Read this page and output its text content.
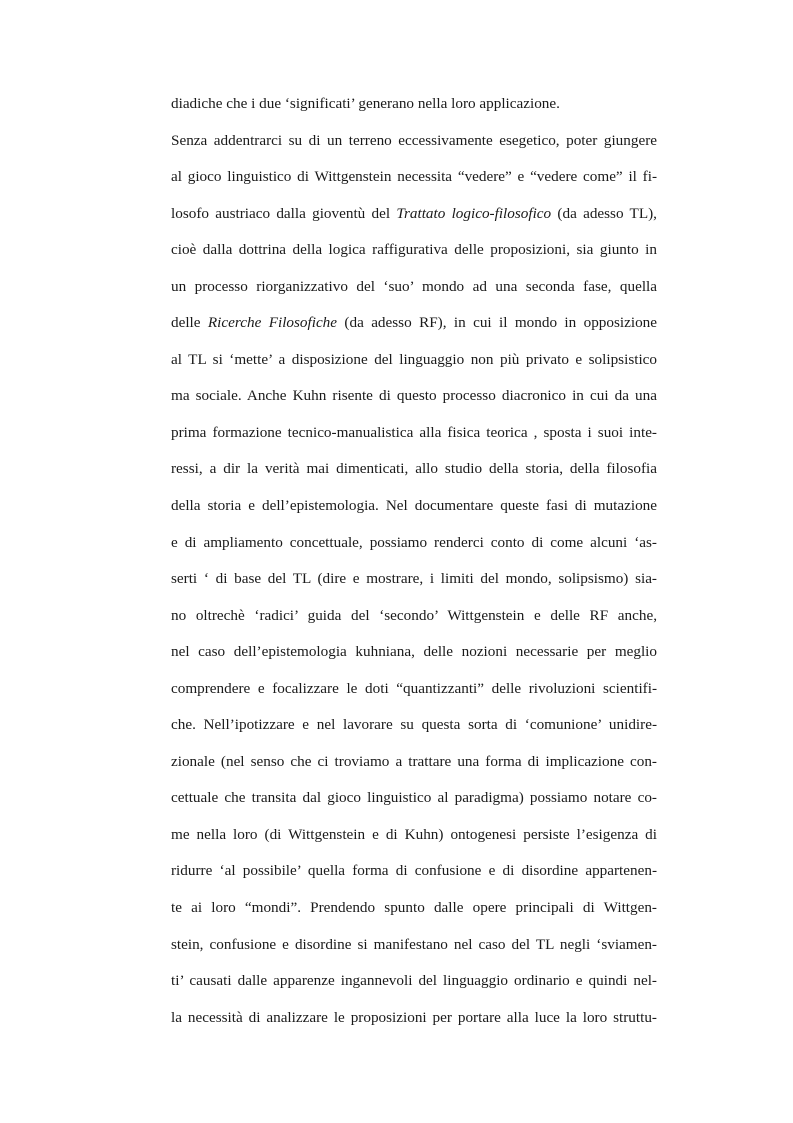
diadiche che i due ‘significati’ generano nella loro applicazione.
Senza addentrarci su di un terreno eccessivamente esegetico, poter giungere
al gioco linguistico di Wittgenstein necessita “vedere” e “vedere come” il fi-
losofo austriaco dalla gioventù del Trattato logico-filosofico (da adesso TL),
cioè dalla dottrina della logica raffigurativa delle proposizioni, sia giunto in
un processo riorganizzativo del ‘suo’ mondo ad una seconda fase, quella
delle Ricerche Filosofiche (da adesso RF), in cui il mondo in opposizione
al TL si ‘mette’ a disposizione del linguaggio non più privato e solipsistico
ma sociale. Anche Kuhn risente di questo processo diacronico in cui da una
prima formazione tecnico-manualistica alla fisica teorica , sposta i suoi inte-
ressi, a dir la verità mai dimenticati, allo studio della storia, della filosofia
della storia e dell’epistemologia. Nel documentare queste fasi di mutazione
e di ampliamento concettuale, possiamo renderci conto di come alcuni ‘as-
serti ‘ di base del TL (dire e mostrare, i limiti del mondo, solipsismo) sia-
no oltrechè ‘radici’ guida del ‘secondo’ Wittgenstein e delle RF anche,
nel caso dell’epistemologia kuhniana, delle nozioni necessarie per meglio
comprendere e focalizzare le doti “quantizzanti” delle rivoluzioni scientifi-
che. Nell’ipotizzare e nel lavorare su questa sorta di ‘comunione’ unidire-
zionale (nel senso che ci troviamo a trattare una forma di implicazione con-
cettuale che transita dal gioco linguistico al paradigma) possiamo notare co-
me nella loro (di Wittgenstein e di Kuhn) ontogenesi persiste l’esigenza di
ridurre ‘al possibile’ quella forma di confusione e di disordine appartenen-
te ai loro “mondi”. Prendendo spunto dalle opere principali di Wittgen-
stein, confusione e disordine si manifestano nel caso del TL negli ‘sviamen-
ti’ causati dalle apparenze ingannevoli del linguaggio ordinario e quindi nel-
la necessità di analizzare le proposizioni per portare alla luce la loro struttu-
